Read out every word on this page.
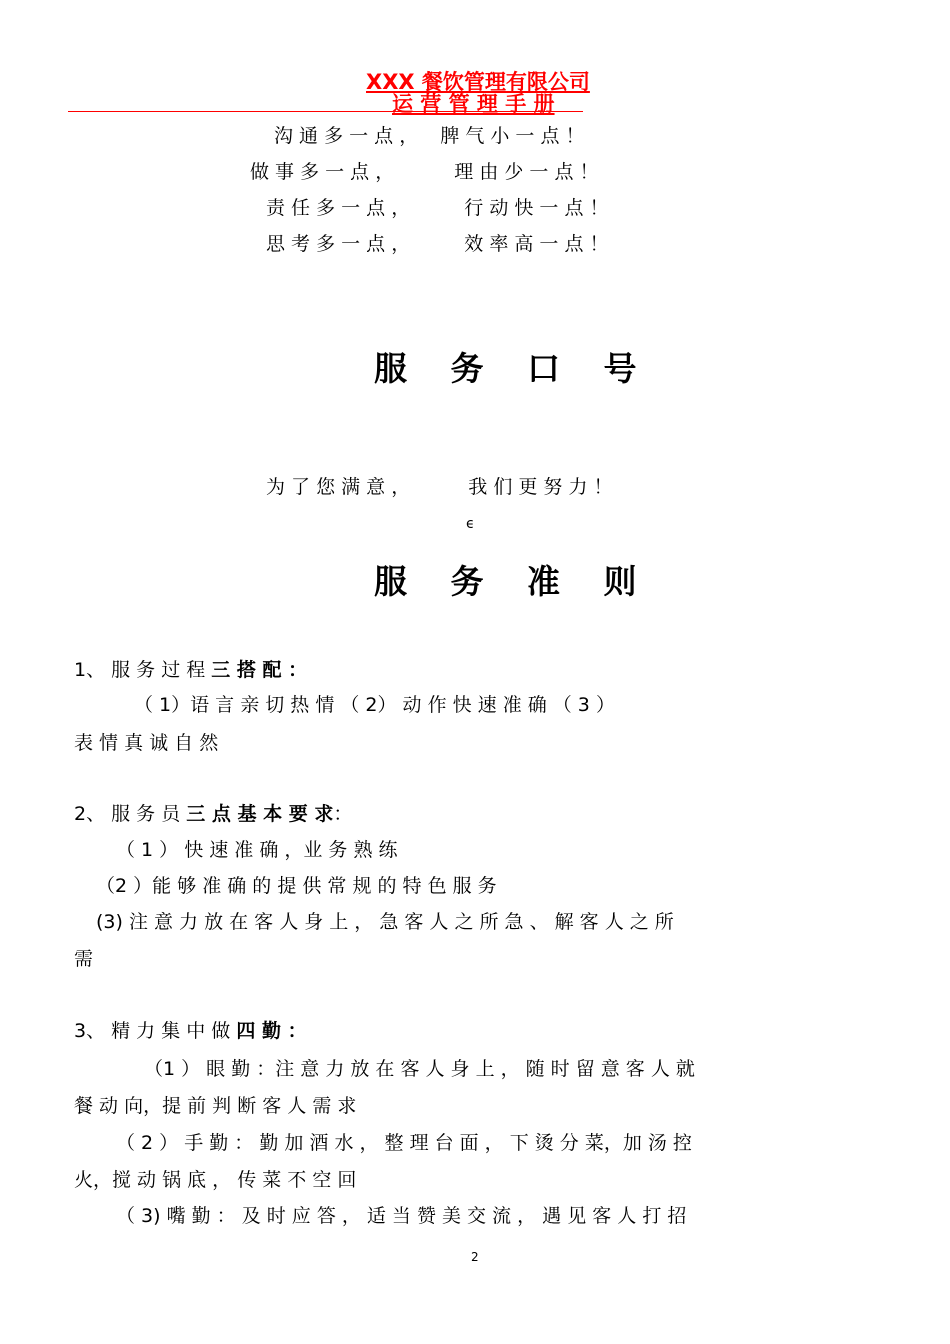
XXX 餐饮管理有限公司
运 营 管 理 手 册
沟 通 多 一 点 ， 脾 气 小 一 点 ！
做 事 多 一 点 ，	理 由 少 一 点 ！
责 任 多 一 点 ，	行 动 快 一 点 ！
思 考 多 一 点 ，	效 率 高 一 点 ！
服 务 口 号
为 了 您 满 意 ，	我 们 更 努 力 ！
ϵ
服 务 准 则
1、 服 务 过 程 三 搭 配 ：
（ 1）语 言 亲 切 热 情 （ 2） 动 作 快 速 准 确 （ 3 ）
表 情 真 诚 自 然
2、 服 务 员 三 点 基 本 要 求：
（ 1 ） 快 速 准 确 ，业 务 熟 练
（2 ）能 够 准 确 的 提 供 常 规 的 特 色 服 务
(3) 注 意 力 放 在 客 人 身 上 ， 急 客 人 之 所 急 、 解 客 人 之 所
需
3、 精 力 集 中 做 四 勤 ：
（1 ） 眼 勤 ：注 意 力 放 在 客 人 身 上 ， 随 时 留 意 客 人 就
餐 动 向，提 前 判 断 客 人 需 求
（ 2 ） 手 勤 ： 勤 加 酒 水 ， 整 理 台 面 ， 下 烫 分 菜，加 汤 控
火，搅 动 锅 底 ， 传 菜 不 空 回
（ 3) 嘴 勤 ： 及 时 应 答 ， 适 当 赞 美 交 流 ， 遇 见 客 人 打 招
2
